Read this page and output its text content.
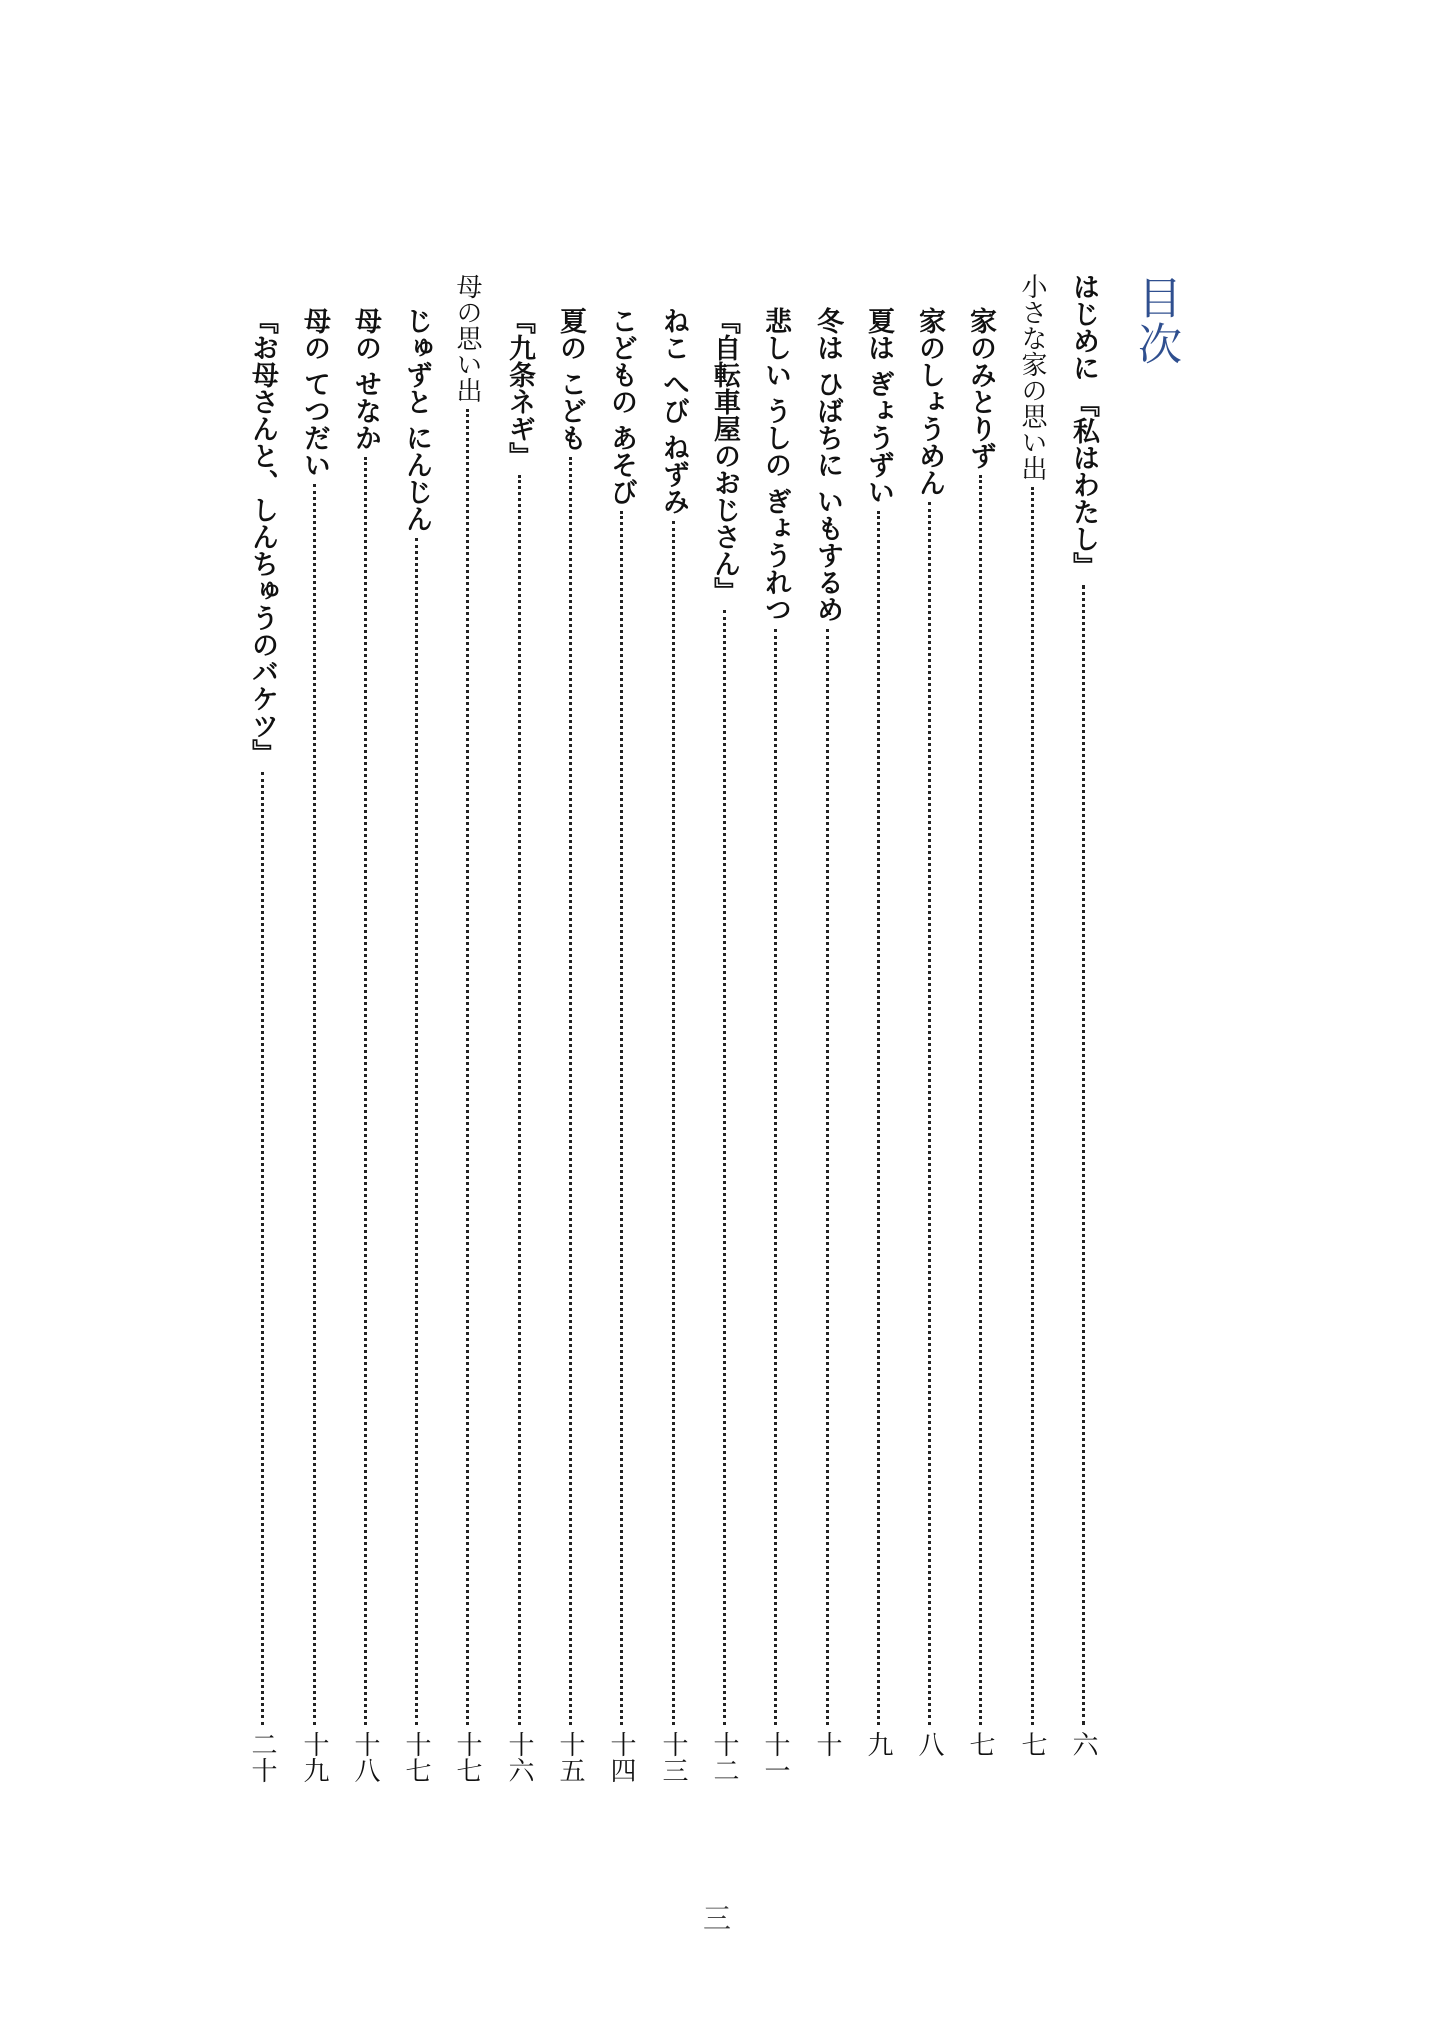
目次
はじめに 『私はわたし』
六
小さな家の思い出
七
家のみとりず
七
家のしょうめん
八
夏は ぎょうずい
九
冬は ひばちに いもするめ
十
悲しい うしの ぎょうれつ
十一
『自転車屋のおじさん』
十二
ねこ へび ねずみ
十三
こどもの あそび
十四
夏の こども
十五
『九条ネギ』
十六
母の思い出
十七
じゅずと にんじん
十七
母の せなか
十八
母の てつだい
十九
『お母さんと、しんちゅうのバケツ』
二十
三
